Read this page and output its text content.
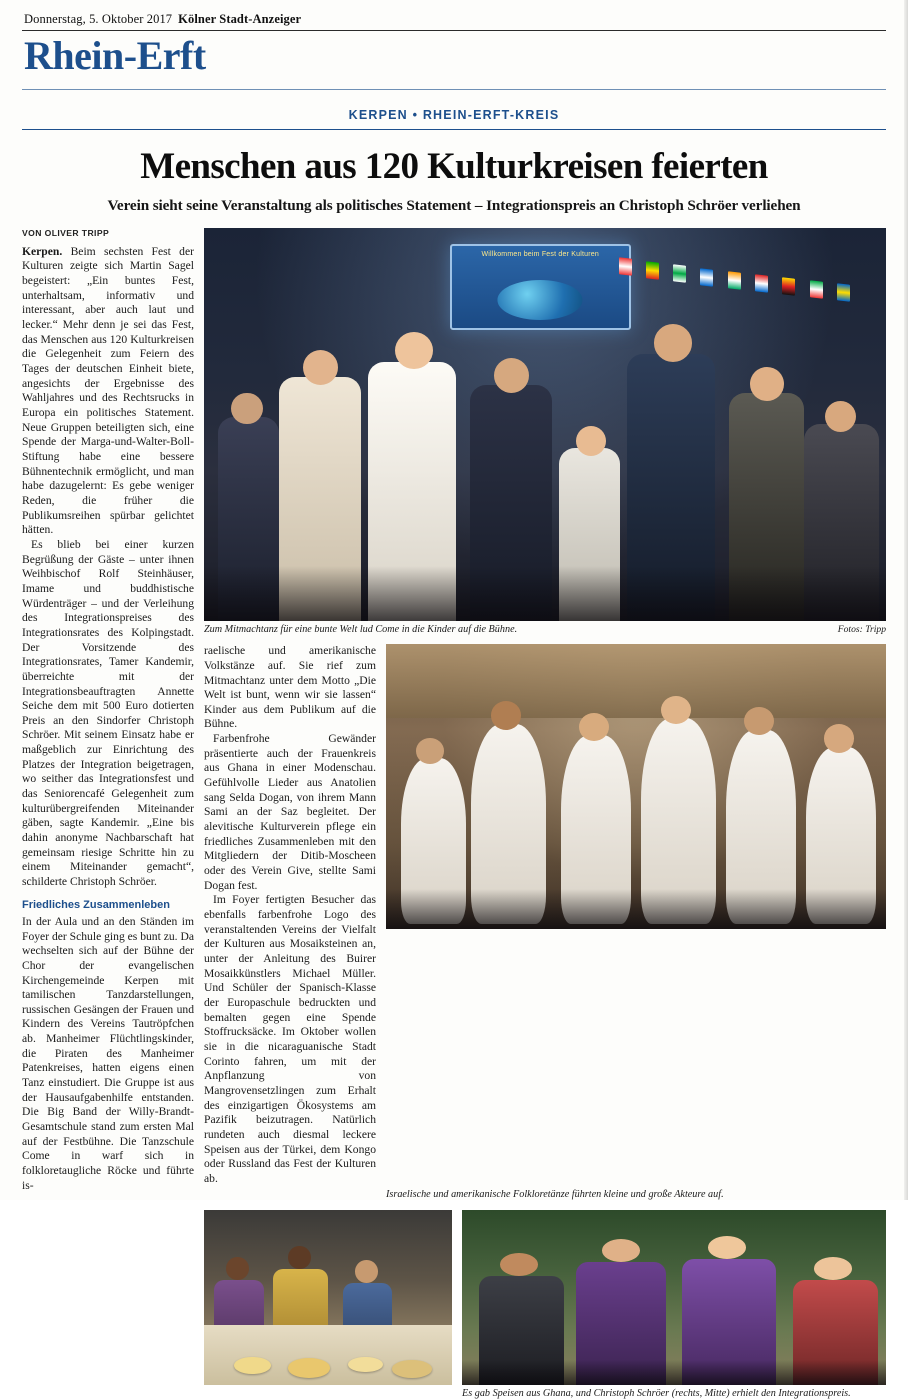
Donnerstag, 5. Oktober 2017 Kölner Stadt-Anzeiger
Rhein-Erft
KERPEN • RHEIN-ERFT-KREIS
Menschen aus 120 Kulturkreisen feierten
Verein sieht seine Veranstaltung als politisches Statement – Integrationspreis an Christoph Schröer verliehen
VON OLIVER TRIPP

Kerpen. Beim sechsten Fest der Kulturen zeigte sich Martin Sagel begeistert: „Ein buntes Fest, unterhaltsam, informativ und interessant, aber auch laut und lecker.“ Mehr denn je sei das Fest, das Menschen aus 120 Kulturkreisen die Gelegenheit zum Feiern des Tages der deutschen Einheit biete, angesichts der Ergebnisse des Wahljahres und des Rechtsrucks in Europa ein politisches Statement. Neue Gruppen beteiligten sich, eine Spende der Marga-und-Walter-Boll-Stiftung habe eine bessere Bühnentechnik ermöglicht, und man habe dazugelernt: Es gebe weniger Reden, die früher die Publikumsreihen spürbar gelichtet hätten.

Es blieb bei einer kurzen Begrüßung der Gäste – unter ihnen Weihbischof Rolf Steinhäuser, Imame und buddhistische Würdenträger – und der Verleihung des Integrationspreises des Integrationsrates des Kolpingstadt. Der Vorsitzende des Integrationsrates, Tamer Kandemir, überreichte mit der Integrationsbeauftragten Annette Seiche dem mit 500 Euro dotierten Preis an den Sindorfer Christoph Schröer. Mit seinem Einsatz habe er maßgeblich zur Einrichtung des Platzes der Integration beigetragen, wo seither das Integrationsfest und das Seniorencafé Gelegenheit zum kulturübergreifenden Miteinander gäben, sagte Kandemir. „Eine bis dahin anonyme Nachbarschaft hat gemeinsam riesige Schritte hin zu einem Miteinander gemacht“, schilderte Christoph Schröer.

Friedliches Zusammenleben

In der Aula und an den Ständen im Foyer der Schule ging es bunt zu. Da wechselten sich auf der Bühne der Chor der evangelischen Kirchengemeinde Kerpen mit tamilischen Tanzdarstellungen, russischen Gesängen der Frauen und Kindern des Vereins Tautröpfchen ab. Manheimer Flüchtlingskinder, die Piraten des Manheimer Patenkreises, hatten eigens einen Tanz einstudiert. Die Gruppe ist aus der Hausaufgabenhilfe entstanden. Die Big Band der Willy-Brandt-Gesamtschule stand zum ersten Mal auf der Festbühne. Die Tanzschule Come in warf sich in folkloretaugliche Röcke und führte is-

Willkommen beim Fest der Kulturen
Zum Mitmachtanz für eine bunte Welt lud Come in die Kinder auf die Bühne.	Fotos: Tripp

raelische und amerikanische Volkstänze auf. Sie rief zum Mitmachtanz unter dem Motto „Die Welt ist bunt, wenn wir sie lassen“ Kinder aus dem Publikum auf die Bühne.

Farbenfrohe Gewänder präsentierte auch der Frauenkreis aus Ghana in einer Modenschau. Gefühlvolle Lieder aus Anatolien sang Selda Dogan, von ihrem Mann Sami an der Saz begleitet. Der alevitische Kulturverein pflege ein friedliches Zusammenleben mit den Mitgliedern der Ditib-Moscheen oder des Verein Give, stellte Sami Dogan fest.

Im Foyer fertigten Besucher das ebenfalls farbenfrohe Logo des veranstaltenden Vereins der Vielfalt der Kulturen aus Mosaiksteinen an, unter der Anleitung des Buirer Mosaikkünstlers Michael Müller. Und Schüler der Spanisch-Klasse der Europaschule bedruckten und bemalten gegen eine Spende Stoffrucksäcke. Im Oktober wollen sie in die nicaraguanische Stadt Corinto fahren, um mit der Anpflanzung von Mangrovensetzlingen zum Erhalt des einzigartigen Ökosystems am Pazifik beizutragen. Natürlich rundeten auch diesmal leckere Speisen aus der Türkei, dem Kongo oder Russland das Fest der Kulturen ab.

Israelische und amerikanische Folkloretänze führten kleine und große Akteure auf.
Es gab Speisen aus Ghana, und Christoph Schröer (rechts, Mitte) erhielt den Integrationspreis.
